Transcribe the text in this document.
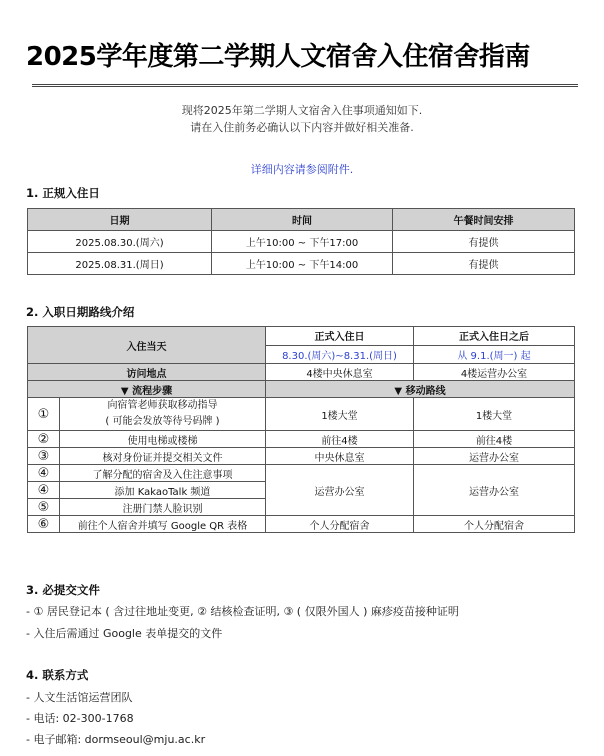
2025学年度第二学期人文宿舍入住宿舍指南
现将2025年第二学期人文宿舍入住事项通知如下.
请在入住前务必确认以下内容并做好相关准备.
详细内容请参阅附件.
1. 正规入住日
日期	时间	午餐时间安排
2025.08.30.(周六)	上午10:00 ~ 下午17:00	有提供
2025.08.31.(周日)	上午10:00 ~ 下午14:00	有提供
2. 入职日期路线介绍
入住当天		正式入住日	正式入住日之后
		8.30.(周六)~8.31.(周日)	从 9.1.(周一) 起
访问地点		4楼中央休息室	4楼运营办公室
▼ 流程步骤		▼ 移动路线	
①	向宿管老师获取移动指导
( 可能会发放等待号码牌 )	1楼大堂	1楼大堂
②	使用电梯或楼梯	前往4楼	前往4楼
③	核对身份证并提交相关文件	中央休息室	运营办公室
④	了解分配的宿舍及入住注意事项	运营办公室	运营办公室
④	添加 KakaoTalk 频道		
⑤	注册门禁人脸识别		
⑥	前往个人宿舍并填写 Google QR 表格	个人分配宿舍	个人分配宿舍
3. 必提交文件
- ① 居民登记本 ( 含过往地址变更, ② 结核检查证明, ③ ( 仅限外国人 ) 麻疹疫苗接种证明
- 入住后需通过 Google 表单提交的文件
4. 联系方式
- 人文生活馆运营团队
- 电话: 02-300-1768
- 电子邮箱: dormseoul@mju.ac.kr
